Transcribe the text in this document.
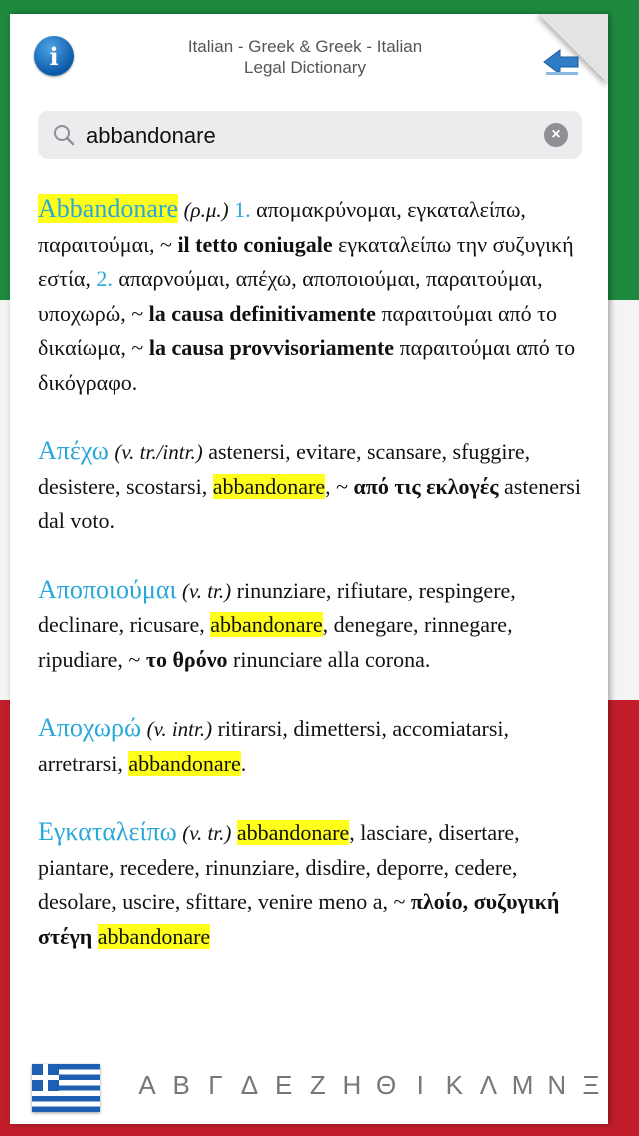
i	Italian - Greek & Greek - Italian
Legal Dictionary
abbandonare	×
Abbandonare (ρ.μ.) 1. απομακρύνομαι, εγκαταλείπω, παραιτούμαι, ~ il tetto coniugale εγκαταλείπω την συζυγική εστία, 2. απαρνούμαι, απέχω, αποποιούμαι, παραιτούμαι, υποχωρώ, ~ la causa definitivamente παραιτούμαι από το δικαίωμα, ~ la causa provvisoriamente παραιτούμαι από το δικόγραφο.
Απέχω (v. tr./intr.) astenersi, evitare, scansare, sfuggire, desistere, scostarsi, abbandonare, ~ από τις εκλογές astenersi dal voto.
Αποποιούμαι (v. tr.) rinunziare, rifiutare, respingere, declinare, ricusare, abbandonare, denegare, rinnegare, ripudiare, ~ το θρόνο rinunciare alla corona.
Αποχωρώ (v. intr.) ritirarsi, dimettersi, accomiatarsi, arretrarsi, abbandonare.
Εγκαταλείπω (v. tr.) abbandonare, lasciare, disertare, piantare, recedere, rinunziare, disdire, deporre, cedere, desolare, uscire, sfittare, venire meno a, ~ πλοίο, συζυγική στέγη abbandonare
Α Β Γ Δ Ε Ζ Η Θ Ι Κ Λ Μ Ν Ξ
